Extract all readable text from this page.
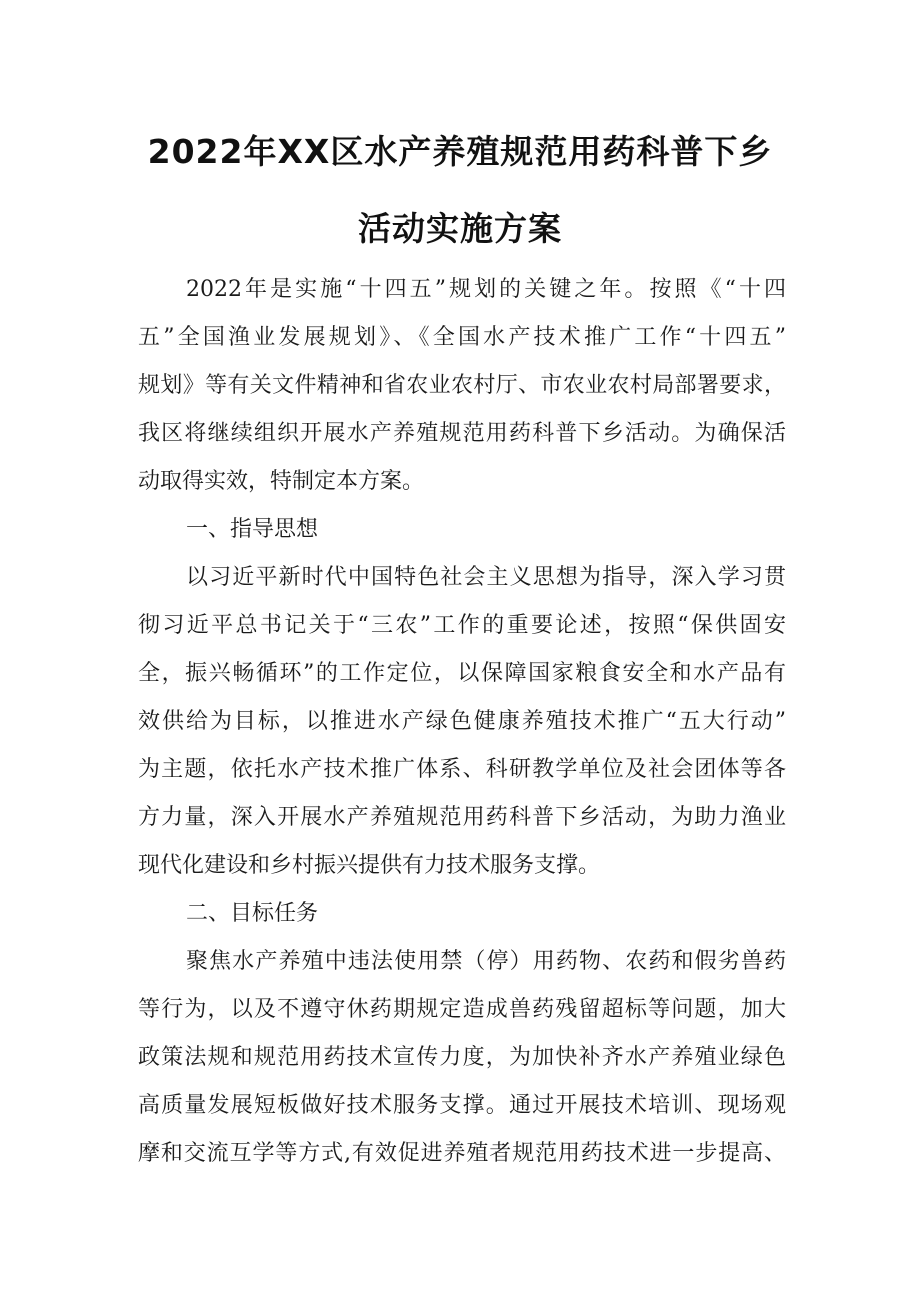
2022年XX区水产养殖规范用药科普下乡
活动实施方案
2022年是实施“十四五”规划的关键之年。按照《“十四
五”全国渔业发展规划》、《全国水产技术推广工作“十四五”
规划》等有关文件精神和省农业农村厅、市农业农村局部署要求，
我区将继续组织开展水产养殖规范用药科普下乡活动。为确保活
动取得实效，特制定本方案。
一、指导思想
以习近平新时代中国特色社会主义思想为指导，深入学习贯
彻习近平总书记关于“三农”工作的重要论述，按照“保供固安
全，振兴畅循环”的工作定位，以保障国家粮食安全和水产品有
效供给为目标，以推进水产绿色健康养殖技术推广“五大行动”
为主题，依托水产技术推广体系、科研教学单位及社会团体等各
方力量，深入开展水产养殖规范用药科普下乡活动，为助力渔业
现代化建设和乡村振兴提供有力技术服务支撑。
二、目标任务
聚焦水产养殖中违法使用禁（停）用药物、农药和假劣兽药
等行为，以及不遵守休药期规定造成兽药残留超标等问题，加大
政策法规和规范用药技术宣传力度，为加快补齐水产养殖业绿色
高质量发展短板做好技术服务支撑。通过开展技术培训、现场观
摩和交流互学等方式,有效促进养殖者规范用药技术进一步提高、
